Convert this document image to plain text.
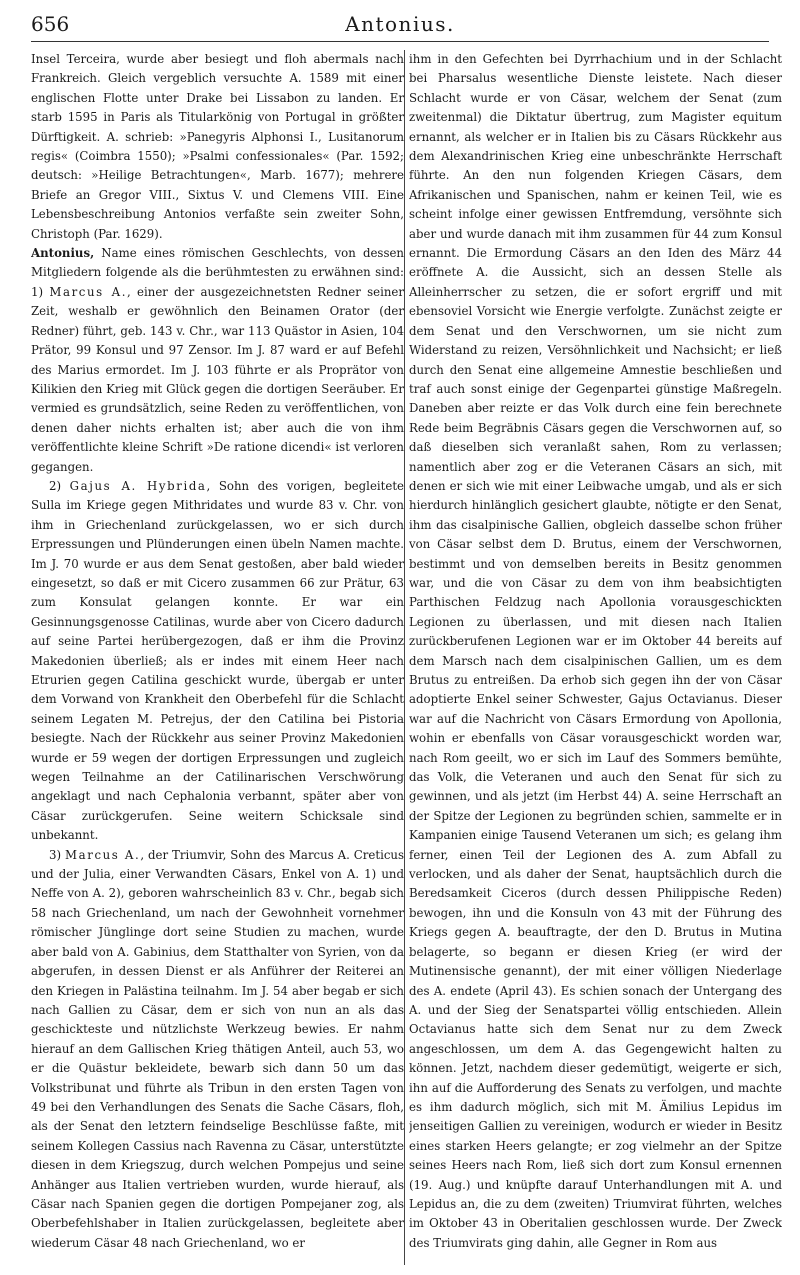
656	Antonius.

Insel Terceira, wurde aber besiegt und floh abermals nach Frankreich. Gleich vergeblich versuchte A. 1589 mit einer englischen Flotte unter Drake bei Lissabon zu landen. Er starb 1595 in Paris als Titularkönig von Portugal in größter Dürftigkeit. A. schrieb: »Panegyris Alphonsi I., Lusitanorum regis« (Coimbra 1550); »Psalmi confessionales« (Par. 1592; deutsch: »Heilige Betrachtungen«, Marb. 1677); mehrere Briefe an Gregor VIII., Sixtus V. und Clemens VIII. Eine Lebensbeschreibung Antonios verfaßte sein zweiter Sohn, Christoph (Par. 1629).

Antonius, Name eines römischen Geschlechts, von dessen Mitgliedern folgende als die berühmtesten zu erwähnen sind: 1) Marcus A., einer der ausgezeichnetsten Redner seiner Zeit, weshalb er gewöhnlich den Beinamen Orator (der Redner) führt, geb. 143 v. Chr., war 113 Quästor in Asien, 104 Prätor, 99 Konsul und 97 Zensor. Im J. 87 ward er auf Befehl des Marius ermordet. Im J. 103 führte er als Proprätor von Kilikien den Krieg mit Glück gegen die dortigen Seeräuber. Er vermied es grundsätzlich, seine Reden zu veröffentlichen, von denen daher nichts erhalten ist; aber auch die von ihm veröffentlichte kleine Schrift »De ratione dicendi« ist verloren gegangen.

2) Gajus A. Hybrida, Sohn des vorigen, begleitete Sulla im Kriege gegen Mithridates und wurde 83 v. Chr. von ihm in Griechenland zurückgelassen, wo er sich durch Erpressungen und Plünderungen einen übeln Namen machte. Im J. 70 wurde er aus dem Senat gestoßen, aber bald wieder eingesetzt, so daß er mit Cicero zusammen 66 zur Prätur, 63 zum Konsulat gelangen konnte. Er war ein Gesinnungsgenosse Catilinas, wurde aber von Cicero dadurch auf seine Partei herübergezogen, daß er ihm die Provinz Makedonien überließ; als er indes mit einem Heer nach Etrurien gegen Catilina geschickt wurde, übergab er unter dem Vorwand von Krankheit den Oberbefehl für die Schlacht seinem Legaten M. Petrejus, der den Catilina bei Pistoria besiegte. Nach der Rückkehr aus seiner Provinz Makedonien wurde er 59 wegen der dortigen Erpressungen und zugleich wegen Teilnahme an der Catilinarischen Verschwörung angeklagt und nach Cephalonia verbannt, später aber von Cäsar zurückgerufen. Seine weitern Schicksale sind unbekannt.

3) Marcus A., der Triumvir, Sohn des Marcus A. Creticus und der Julia, einer Verwandten Cäsars, Enkel von A. 1) und Neffe von A. 2), geboren wahrscheinlich 83 v. Chr., begab sich 58 nach Griechenland, um nach der Gewohnheit vornehmer römischer Jünglinge dort seine Studien zu machen, wurde aber bald von A. Gabinius, dem Statthalter von Syrien, von da abgerufen, in dessen Dienst er als Anführer der Reiterei an den Kriegen in Palästina teilnahm. Im J. 54 aber begab er sich nach Gallien zu Cäsar, dem er sich von nun an als das geschickteste und nützlichste Werkzeug bewies. Er nahm hierauf an dem Gallischen Krieg thätigen Anteil, auch 53, wo er die Quästur bekleidete, bewarb sich dann 50 um das Volkstribunat und führte als Tribun in den ersten Tagen von 49 bei den Verhandlungen des Senats die Sache Cäsars, floh, als der Senat den letztern feindselige Beschlüsse faßte, mit seinem Kollegen Cassius nach Ravenna zu Cäsar, unterstützte diesen in dem Kriegszug, durch welchen Pompejus und seine Anhänger aus Italien vertrieben wurden, wurde hierauf, als Cäsar nach Spanien gegen die dortigen Pompejaner zog, als Oberbefehlshaber in Italien zurückgelassen, begleitete aber wiederum Cäsar 48 nach Griechenland, wo er

ihm in den Gefechten bei Dyrrhachium und in der Schlacht bei Pharsalus wesentliche Dienste leistete. Nach dieser Schlacht wurde er von Cäsar, welchem der Senat (zum zweitenmal) die Diktatur übertrug, zum Magister equitum ernannt, als welcher er in Italien bis zu Cäsars Rückkehr aus dem Alexandrinischen Krieg eine unbeschränkte Herrschaft führte. An den nun folgenden Kriegen Cäsars, dem Afrikanischen und Spanischen, nahm er keinen Teil, wie es scheint infolge einer gewissen Entfremdung, versöhnte sich aber und wurde danach mit ihm zusammen für 44 zum Konsul ernannt. Die Ermordung Cäsars an den Iden des März 44 eröffnete A. die Aussicht, sich an dessen Stelle als Alleinherrscher zu setzen, die er sofort ergriff und mit ebensoviel Vorsicht wie Energie verfolgte. Zunächst zeigte er dem Senat und den Verschwornen, um sie nicht zum Widerstand zu reizen, Versöhnlichkeit und Nachsicht; er ließ durch den Senat eine allgemeine Amnestie beschließen und traf auch sonst einige der Gegenpartei günstige Maßregeln. Daneben aber reizte er das Volk durch eine fein berechnete Rede beim Begräbnis Cäsars gegen die Verschwornen auf, so daß dieselben sich veranlaßt sahen, Rom zu verlassen; namentlich aber zog er die Veteranen Cäsars an sich, mit denen er sich wie mit einer Leibwache umgab, und als er sich hierdurch hinlänglich gesichert glaubte, nötigte er den Senat, ihm das cisalpinische Gallien, obgleich dasselbe schon früher von Cäsar selbst dem D. Brutus, einem der Verschwornen, bestimmt und von demselben bereits in Besitz genommen war, und die von Cäsar zu dem von ihm beabsichtigten Parthischen Feldzug nach Apollonia vorausgeschickten Legionen zu überlassen, und mit diesen nach Italien zurückberufenen Legionen war er im Oktober 44 bereits auf dem Marsch nach dem cisalpinischen Gallien, um es dem Brutus zu entreißen. Da erhob sich gegen ihn der von Cäsar adoptierte Enkel seiner Schwester, Gajus Octavianus. Dieser war auf die Nachricht von Cäsars Ermordung von Apollonia, wohin er ebenfalls von Cäsar vorausgeschickt worden war, nach Rom geeilt, wo er sich im Lauf des Sommers bemühte, das Volk, die Veteranen und auch den Senat für sich zu gewinnen, und als jetzt (im Herbst 44) A. seine Herrschaft an der Spitze der Legionen zu begründen schien, sammelte er in Kampanien einige Tausend Veteranen um sich; es gelang ihm ferner, einen Teil der Legionen des A. zum Abfall zu verlocken, und als daher der Senat, hauptsächlich durch die Beredsamkeit Ciceros (durch dessen Philippische Reden) bewogen, ihn und die Konsuln von 43 mit der Führung des Kriegs gegen A. beauftragte, der den D. Brutus in Mutina belagerte, so begann er diesen Krieg (er wird der Mutinensische genannt), der mit einer völligen Niederlage des A. endete (April 43). Es schien sonach der Untergang des A. und der Sieg der Senatspartei völlig entschieden. Allein Octavianus hatte sich dem Senat nur zu dem Zweck angeschlossen, um dem A. das Gegengewicht halten zu können. Jetzt, nachdem dieser gedemütigt, weigerte er sich, ihn auf die Aufforderung des Senats zu verfolgen, und machte es ihm dadurch möglich, sich mit M. Ämilius Lepidus im jenseitigen Gallien zu vereinigen, wodurch er wieder in Besitz eines starken Heers gelangte; er zog vielmehr an der Spitze seines Heers nach Rom, ließ sich dort zum Konsul ernennen (19. Aug.) und knüpfte darauf Unterhandlungen mit A. und Lepidus an, die zu dem (zweiten) Triumvirat führten, welches im Oktober 43 in Oberitalien geschlossen wurde. Der Zweck des Triumvirats ging dahin, alle Gegner in Rom aus
